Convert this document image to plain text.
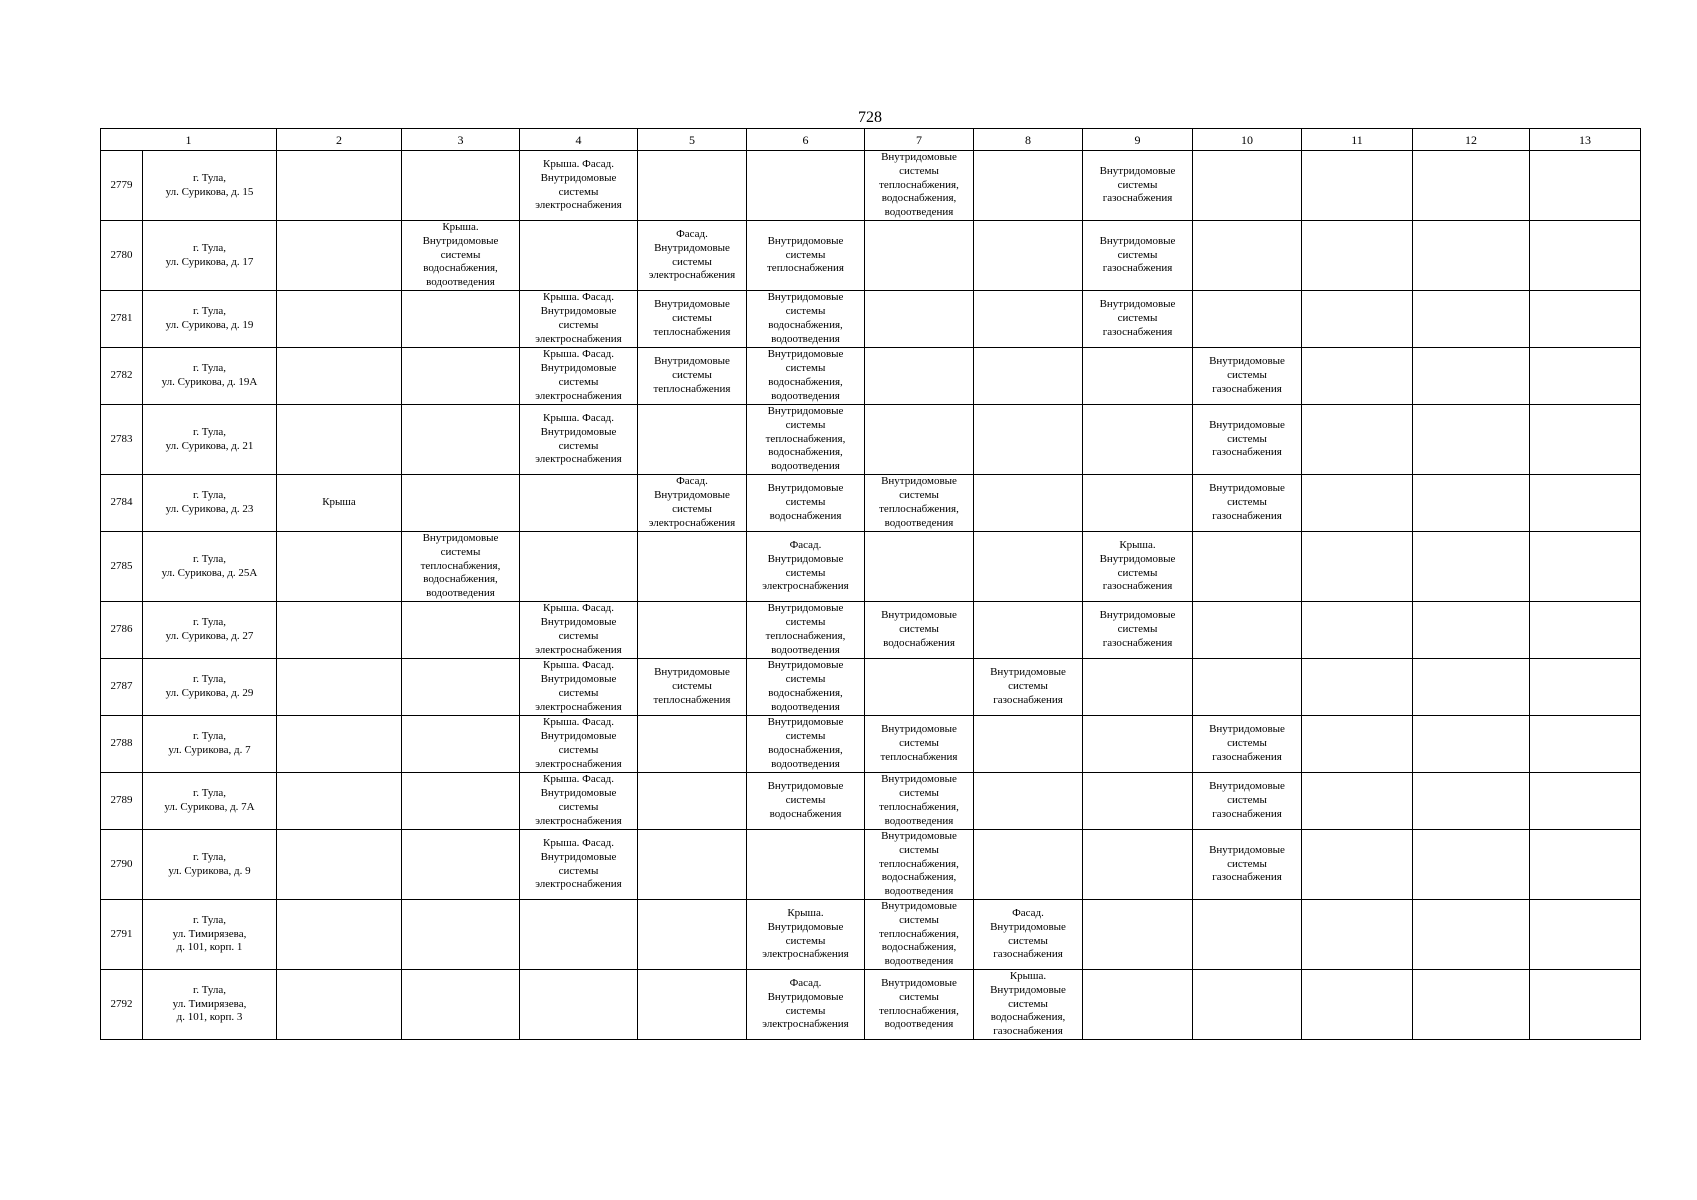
728
1		2	3	4	5	6	7	8	9	10	11	12	13
2779	г. Тула,
ул. Сурикова, д. 15			Крыша. Фасад.
Внутридомовые
системы
электроснабжения			Внутридомовые
системы
теплоснабжения,
водоснабжения,
водоотведения		Внутридомовые
системы
газоснабжения				
2780	г. Тула,
ул. Сурикова, д. 17		Крыша.
Внутридомовые
системы
водоснабжения,
водоотведения		Фасад.
Внутридомовые
системы
электроснабжения	Внутридомовые
системы
теплоснабжения			Внутридомовые
системы
газоснабжения				
2781	г. Тула,
ул. Сурикова, д. 19			Крыша. Фасад.
Внутридомовые
системы
электроснабжения	Внутридомовые
системы
теплоснабжения	Внутридомовые
системы
водоснабжения,
водоотведения			Внутридомовые
системы
газоснабжения				
2782	г. Тула,
ул. Сурикова, д. 19А			Крыша. Фасад.
Внутридомовые
системы
электроснабжения	Внутридомовые
системы
теплоснабжения	Внутридомовые
системы
водоснабжения,
водоотведения				Внутридомовые
системы
газоснабжения			
2783	г. Тула,
ул. Сурикова, д. 21			Крыша. Фасад.
Внутридомовые
системы
электроснабжения		Внутридомовые
системы
теплоснабжения,
водоснабжения,
водоотведения				Внутридомовые
системы
газоснабжения			
2784	г. Тула,
ул. Сурикова, д. 23	Крыша			Фасад.
Внутридомовые
системы
электроснабжения	Внутридомовые
системы
водоснабжения	Внутридомовые
системы
теплоснабжения,
водоотведения			Внутридомовые
системы
газоснабжения			
2785	г. Тула,
ул. Сурикова, д. 25А		Внутридомовые
системы
теплоснабжения,
водоснабжения,
водоотведения			Фасад.
Внутридомовые
системы
электроснабжения			Крыша.
Внутридомовые
системы
газоснабжения				
2786	г. Тула,
ул. Сурикова, д. 27			Крыша. Фасад.
Внутридомовые
системы
электроснабжения		Внутридомовые
системы
теплоснабжения,
водоотведения	Внутридомовые
системы
водоснабжения		Внутридомовые
системы
газоснабжения				
2787	г. Тула,
ул. Сурикова, д. 29			Крыша. Фасад.
Внутридомовые
системы
электроснабжения	Внутридомовые
системы
теплоснабжения	Внутридомовые
системы
водоснабжения,
водоотведения		Внутридомовые
системы
газоснабжения					
2788	г. Тула,
ул. Сурикова, д. 7			Крыша. Фасад.
Внутридомовые
системы
электроснабжения		Внутридомовые
системы
водоснабжения,
водоотведения	Внутридомовые
системы
теплоснабжения			Внутридомовые
системы
газоснабжения			
2789	г. Тула,
ул. Сурикова, д. 7А			Крыша. Фасад.
Внутридомовые
системы
электроснабжения		Внутридомовые
системы
водоснабжения	Внутридомовые
системы
теплоснабжения,
водоотведения			Внутридомовые
системы
газоснабжения			
2790	г. Тула,
ул. Сурикова, д. 9			Крыша. Фасад.
Внутридомовые
системы
электроснабжения			Внутридомовые
системы
теплоснабжения,
водоснабжения,
водоотведения			Внутридомовые
системы
газоснабжения			
2791	г. Тула,
ул. Тимирязева,
д. 101, корп. 1					Крыша.
Внутридомовые
системы
электроснабжения	Внутридомовые
системы
теплоснабжения,
водоснабжения,
водоотведения	Фасад.
Внутридомовые
системы
газоснабжения					
2792	г. Тула,
ул. Тимирязева,
д. 101, корп. 3					Фасад.
Внутридомовые
системы
электроснабжения	Внутридомовые
системы
теплоснабжения,
водоотведения	Крыша.
Внутридомовые
системы
водоснабжения,
газоснабжения					
